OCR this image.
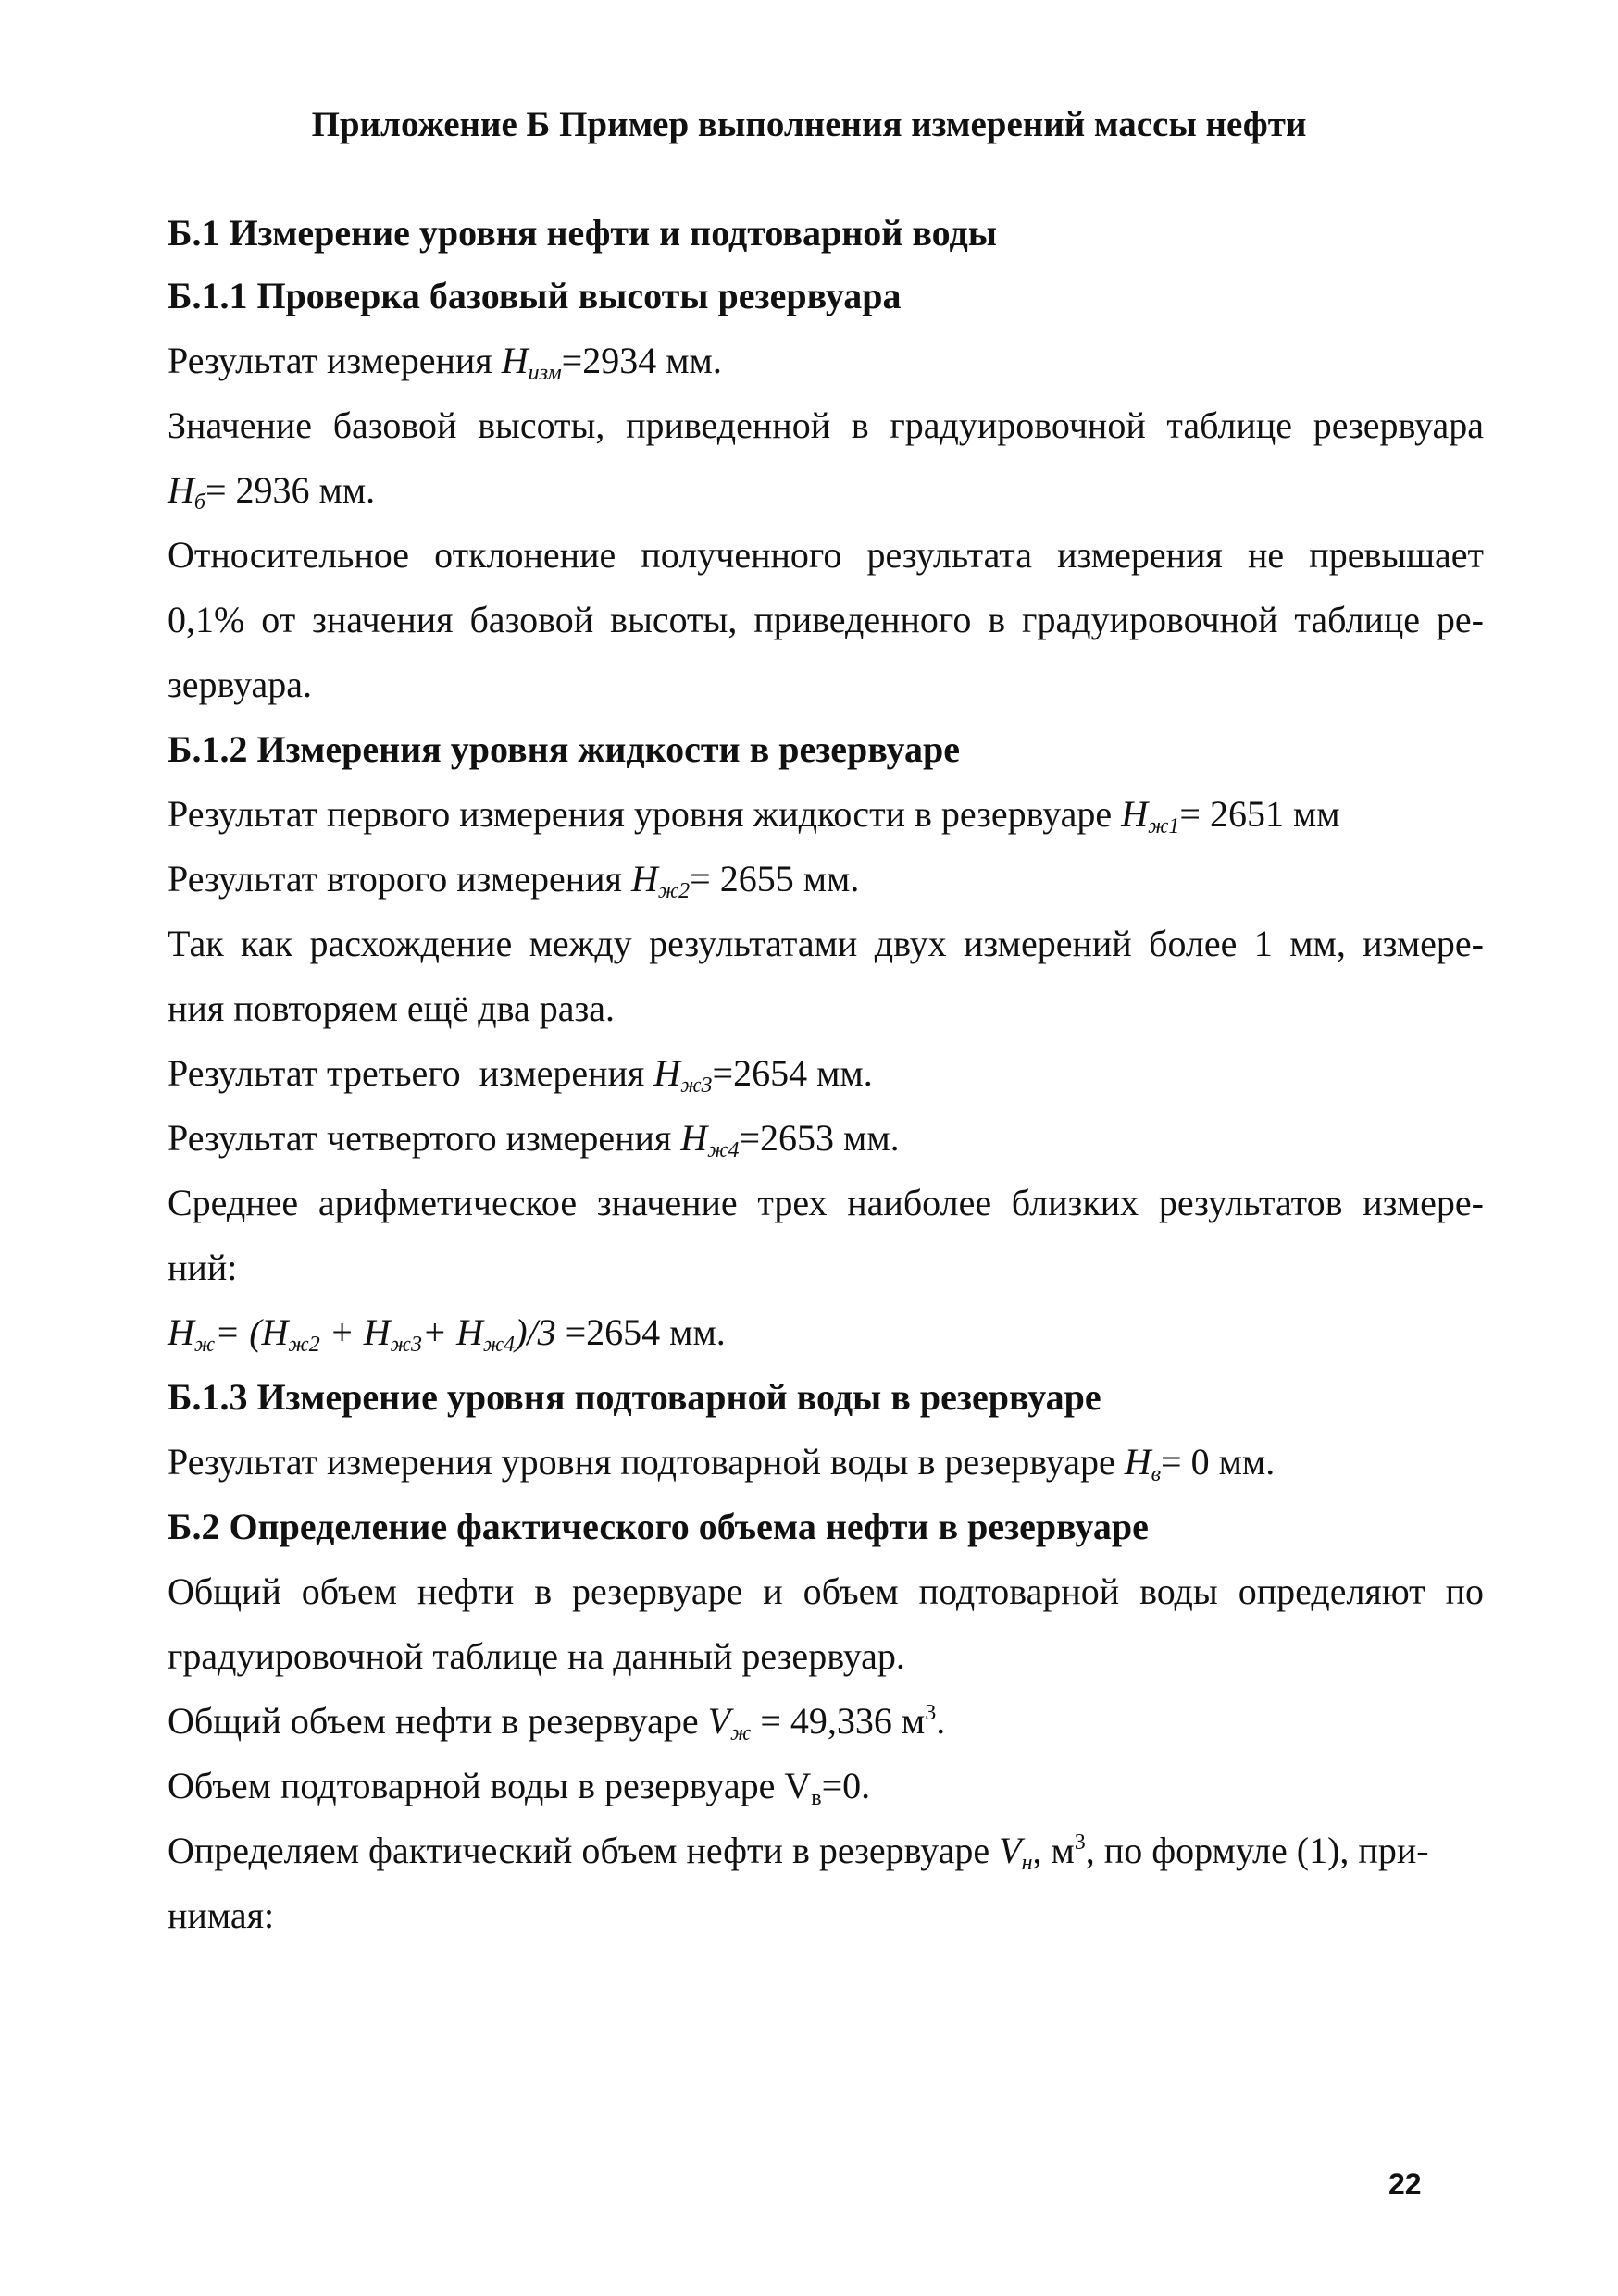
Приложение Б Пример выполнения измерений массы нефти

Б.1 Измерение уровня нефти и подтоварной воды

Б.1.1 Проверка базовый высоты резервуара

Результат измерения $H_{изм}=2934$ мм.

Значение базовой высоты, приведенной в градуировочной таблице резервуара

$H_б= 2936$ мм.

Относительное отклонение полученного результата измерения не превышает

0,1% от значения базовой высоты, приведенного в градуировочной таблице ре-

зервуара.

Б.1.2 Измерения уровня жидкости в резервуаре

Результат первого измерения уровня жидкости в резервуаре $H_{ж1}= 2651$ мм

Результат второго измерения $H_{ж2}= 2655$ мм.

Так как расхождение между результатами двух измерений более 1 мм, измере-

ния повторяем ещё два раза.

Результат третьего  измерения $H_{ж3}=2654$ мм.

Результат четвертого измерения $H_{ж4}=2653$ мм.

Среднее арифметическое значение трех наиболее близких результатов измере-

ний:

$H_ж= (H_{ж2} + H_{ж3}+ H_{ж4})/3 =2654$ мм.

Б.1.3 Измерение уровня подтоварной воды в резервуаре

Результат измерения уровня подтоварной воды в резервуаре $H_в= 0$ мм.

Б.2 Определение фактического объема нефти в резервуаре

Общий объем нефти в резервуаре и объем подтоварной воды определяют по

градуировочной таблице на данный резервуар.

Общий объем нефти в резервуаре $V_ж = 49,336$ $м^3$.

Объем подтоварной воды в резервуаре $V_в=0$.

Определяем фактический объем нефти в резервуаре $V_н$, $м^3$, по формуле (1), при-

нимая:

22
